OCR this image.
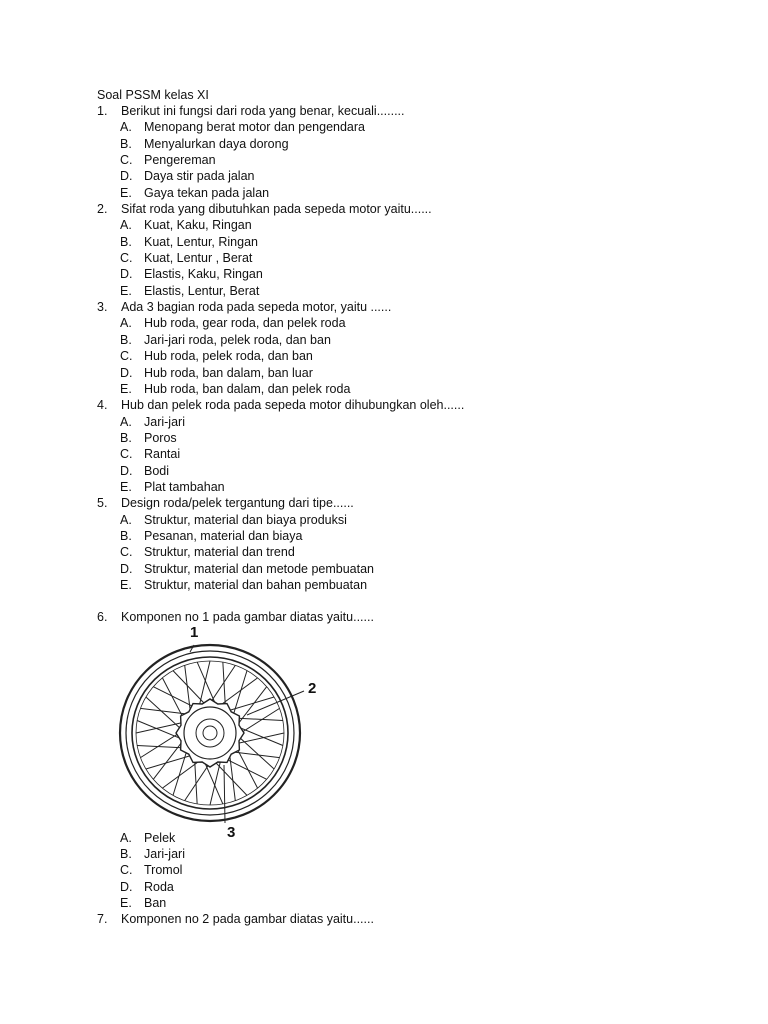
Soal PSSM kelas XI
1. Berikut ini fungsi dari roda yang benar, kecuali........
A. Menopang berat motor dan pengendara
B. Menyalurkan daya dorong
C. Pengereman
D. Daya stir pada jalan
E. Gaya tekan pada jalan
2. Sifat roda yang dibutuhkan pada sepeda motor yaitu......
A. Kuat, Kaku, Ringan
B. Kuat, Lentur, Ringan
C. Kuat, Lentur , Berat
D. Elastis, Kaku, Ringan
E. Elastis, Lentur, Berat
3. Ada 3 bagian roda pada sepeda motor, yaitu ......
A. Hub roda, gear roda, dan pelek roda
B. Jari-jari roda, pelek roda, dan ban
C. Hub roda, pelek roda, dan ban
D. Hub roda, ban dalam, ban luar
E. Hub roda, ban dalam, dan pelek roda
4. Hub dan pelek roda pada sepeda motor dihubungkan oleh......
A. Jari-jari
B. Poros
C. Rantai
D. Bodi
E. Plat tambahan
5. Design roda/pelek tergantung dari tipe......
A. Struktur, material dan biaya produksi
B. Pesanan, material dan biaya
C. Struktur, material dan trend
D. Struktur, material dan metode pembuatan
E. Struktur, material dan bahan pembuatan
6. Komponen no 1 pada gambar diatas yaitu......
1
2
3
A. Pelek
B. Jari-jari
C. Tromol
D. Roda
E. Ban
7. Komponen no 2 pada gambar diatas yaitu......
